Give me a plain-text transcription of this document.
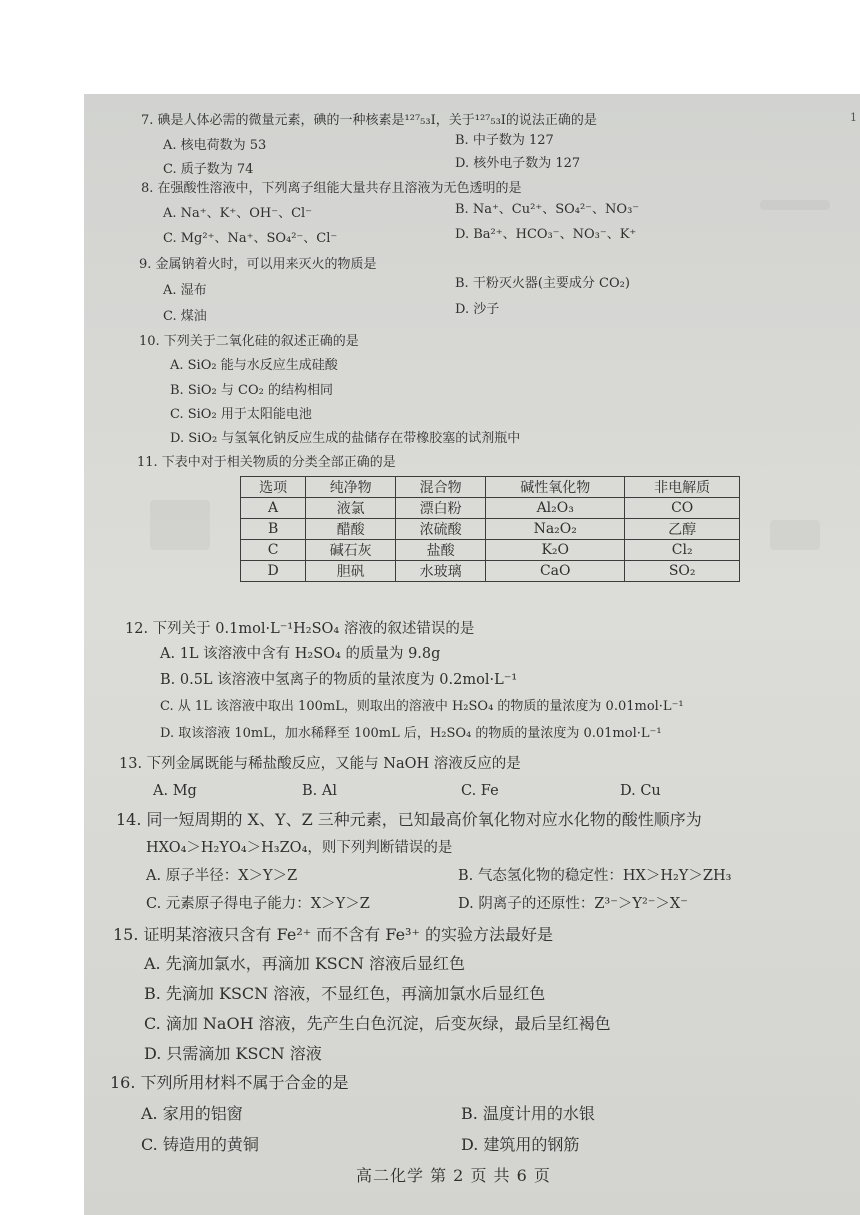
1
7. 碘是人体必需的微量元素，碘的一种核素是¹²⁷₅₃I，关于¹²⁷₅₃I的说法正确的是
A. 核电荷数为 53	B. 中子数为 127
C. 质子数为 74	D. 核外电子数为 127
8. 在强酸性溶液中，下列离子组能大量共存且溶液为无色透明的是
A. Na⁺、K⁺、OH⁻、Cl⁻	B. Na⁺、Cu²⁺、SO₄²⁻、NO₃⁻
C. Mg²⁺、Na⁺、SO₄²⁻、Cl⁻	D. Ba²⁺、HCO₃⁻、NO₃⁻、K⁺
9. 金属钠着火时，可以用来灭火的物质是
A. 湿布	B. 干粉灭火器(主要成分 CO₂)
C. 煤油	D. 沙子
10. 下列关于二氧化硅的叙述正确的是
A. SiO₂ 能与水反应生成硅酸
B. SiO₂ 与 CO₂ 的结构相同
C. SiO₂ 用于太阳能电池
D. SiO₂ 与氢氧化钠反应生成的盐储存在带橡胶塞的试剂瓶中
11. 下表中对于相关物质的分类全部正确的是
选项	纯净物	混合物	碱性氧化物	非电解质
A	液氯	漂白粉	Al₂O₃	CO
B	醋酸	浓硫酸	Na₂O₂	乙醇
C	碱石灰	盐酸	K₂O	Cl₂
D	胆矾	水玻璃	CaO	SO₂
12. 下列关于 0.1mol·L⁻¹H₂SO₄ 溶液的叙述错误的是
A. 1L 该溶液中含有 H₂SO₄ 的质量为 9.8g
B. 0.5L 该溶液中氢离子的物质的量浓度为 0.2mol·L⁻¹
C. 从 1L 该溶液中取出 100mL，则取出的溶液中 H₂SO₄ 的物质的量浓度为 0.01mol·L⁻¹
D. 取该溶液 10mL，加水稀释至 100mL 后，H₂SO₄ 的物质的量浓度为 0.01mol·L⁻¹
13. 下列金属既能与稀盐酸反应，又能与 NaOH 溶液反应的是
A. Mg	B. Al	C. Fe	D. Cu
14. 同一短周期的 X、Y、Z 三种元素，已知最高价氧化物对应水化物的酸性顺序为
HXO₄＞H₂YO₄＞H₃ZO₄，则下列判断错误的是
A. 原子半径：X＞Y＞Z	B. 气态氢化物的稳定性：HX＞H₂Y＞ZH₃
C. 元素原子得电子能力：X＞Y＞Z	D. 阴离子的还原性：Z³⁻＞Y²⁻＞X⁻
15. 证明某溶液只含有 Fe²⁺ 而不含有 Fe³⁺ 的实验方法最好是
A. 先滴加氯水，再滴加 KSCN 溶液后显红色
B. 先滴加 KSCN 溶液，不显红色，再滴加氯水后显红色
C. 滴加 NaOH 溶液，先产生白色沉淀，后变灰绿，最后呈红褐色
D. 只需滴加 KSCN 溶液
16. 下列所用材料不属于合金的是
A. 家用的铝窗	B. 温度计用的水银
C. 铸造用的黄铜	D. 建筑用的钢筋
高二化学 第 2 页 共 6 页
